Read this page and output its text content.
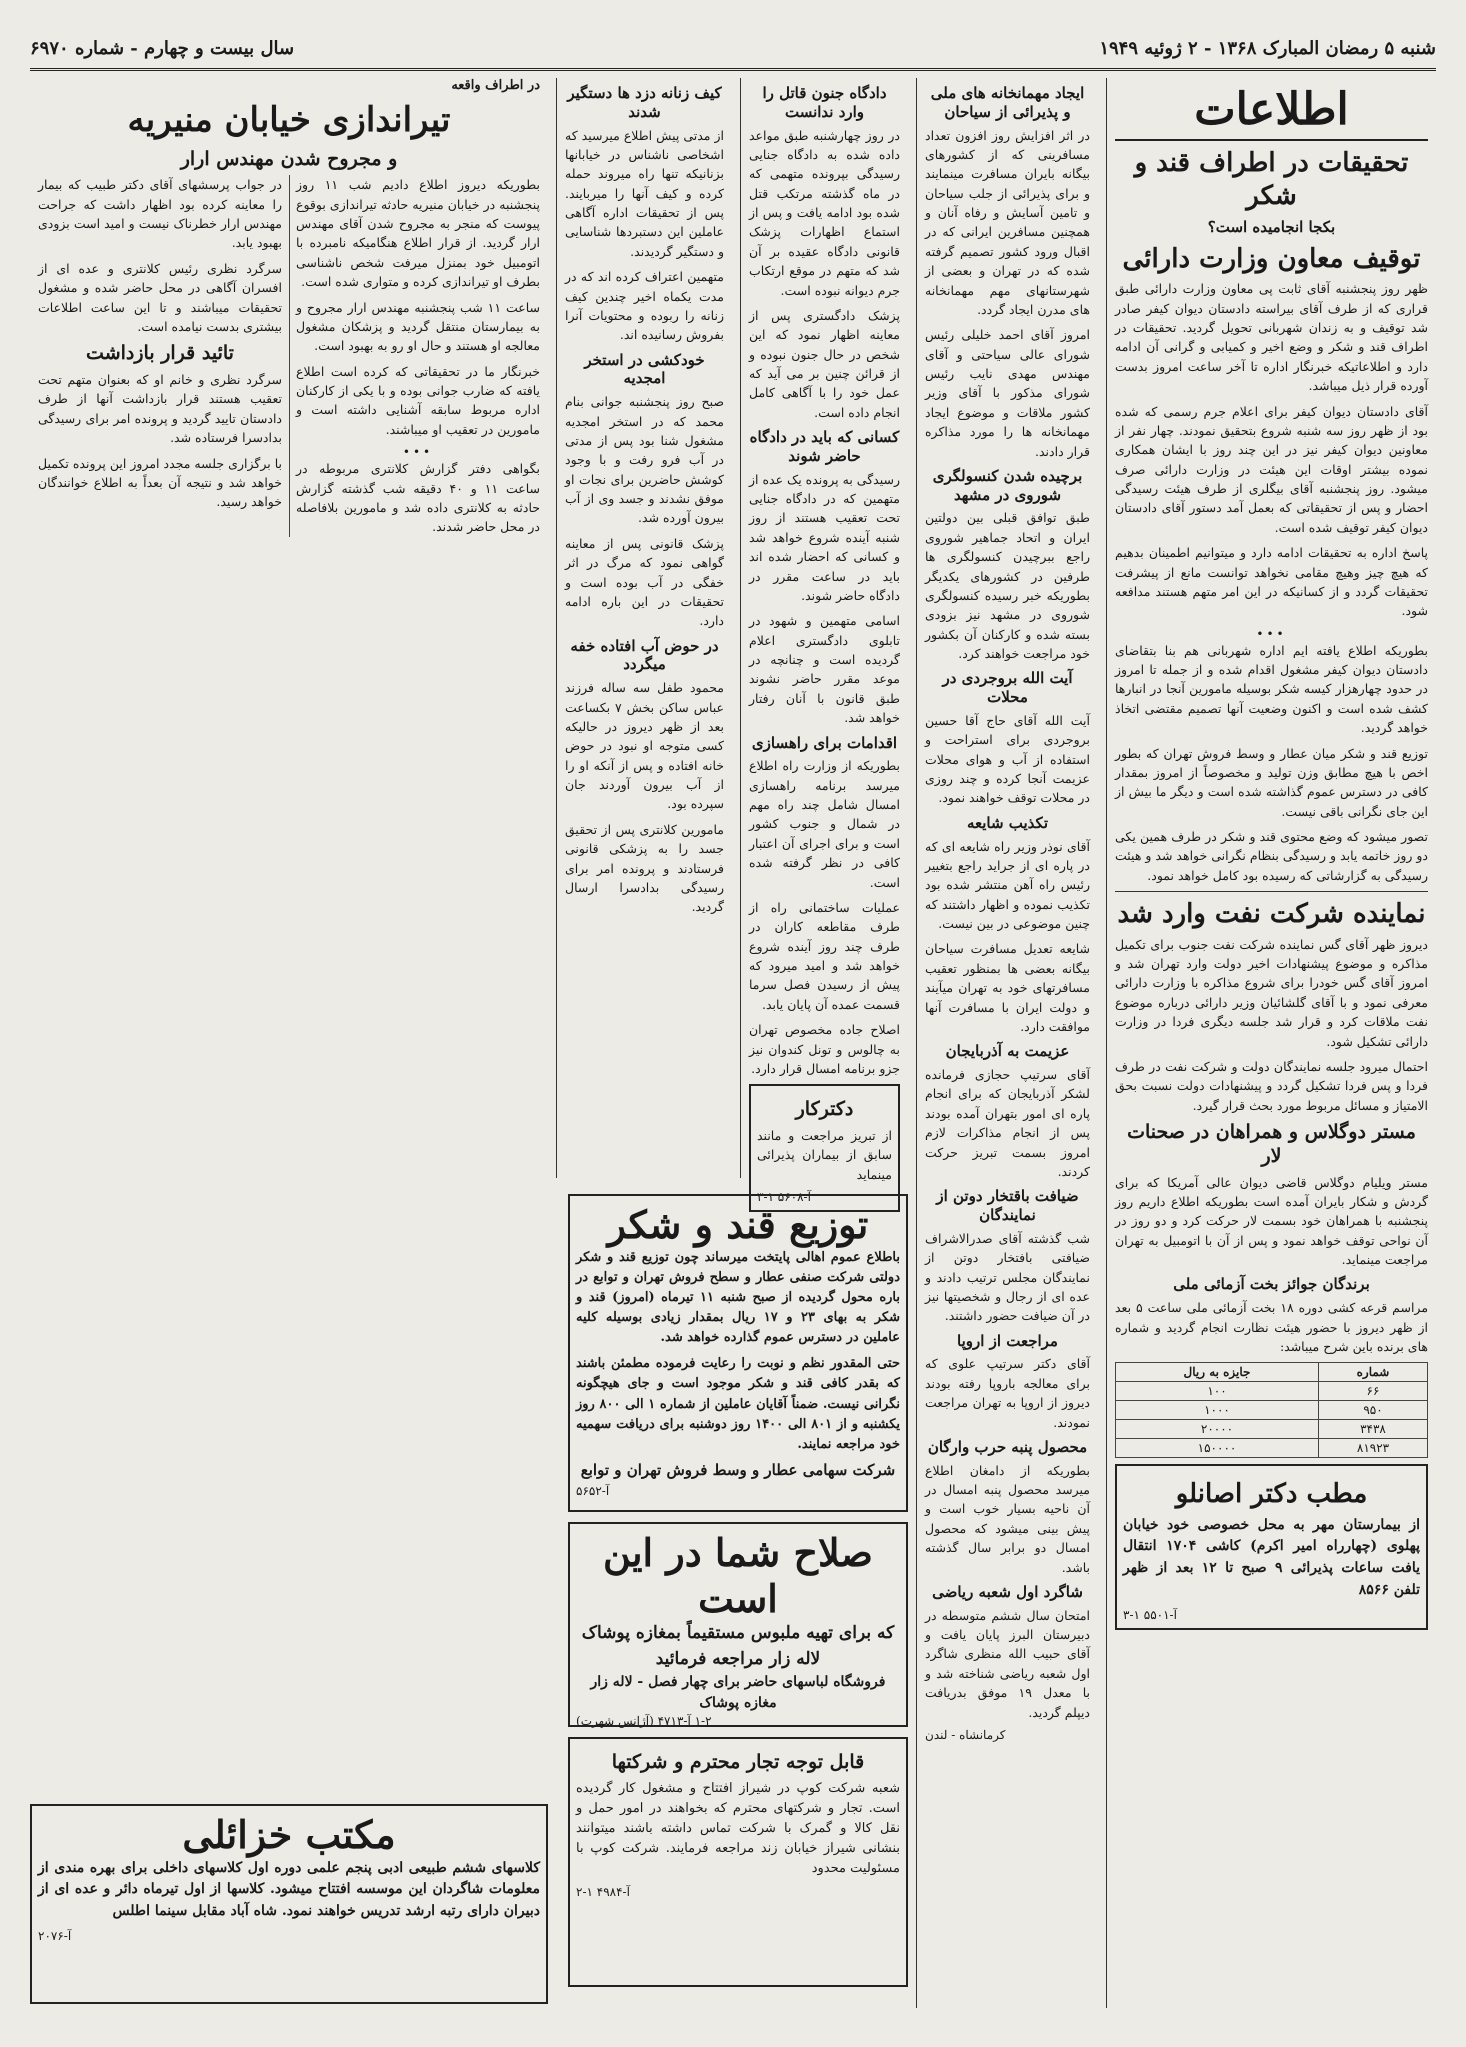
شنبه ۵ رمضان المبارک ۱۳۶۸ - ۲ ژوئیه ۱۹۴۹
سال بیست و چهارم - شماره ۶۹۷۰
اطلاعات
تحقیقات در اطراف قند و شکر
بکجا انجامیده است؟
توقیف معاون وزارت دارائی

ظهر روز پنجشنبه آقای ثابت پی معاون وزارت دارائی طبق قراری که از طرف آقای بیراسته دادستان دیوان کیفر صادر شد توقیف و به زندان شهربانی تحویل گردید. تحقیقات در اطراف قند و شکر و وضع اخیر و کمیابی و گرانی آن ادامه دارد و اطلاعاتیکه خبرنگار اداره تا آخر ساعت امروز بدست آورده قرار ذیل میباشد.

آقای دادستان دیوان کیفر برای اعلام جرم رسمی که شده بود از ظهر روز سه شنبه شروع بتحقیق نمودند. چهار نفر از معاونین دیوان کیفر نیز در این چند روز با ایشان همکاری نموده بیشتر اوقات این هیئت در وزارت دارائی صرف میشود. روز پنجشنبه آقای بیگلری از طرف هیئت رسیدگی احضار و پس از تحقیقاتی که بعمل آمد دستور آقای دادستان دیوان کیفر توقیف شده است.

پاسخ اداره به تحقیقات ادامه دارد و میتوانیم اطمینان بدهیم که هیچ چیز وهیچ مقامی نخواهد توانست مانع از پیشرفت تحقیقات گردد و از کسانیکه در این امر متهم هستند مدافعه شود.

•••

بطوریکه اطلاع یافته ایم اداره شهربانی هم بنا بتقاضای دادستان دیوان کیفر مشغول اقدام شده و از جمله تا امروز در حدود چهارهزار کیسه شکر بوسیله مامورین آنجا در انبارها کشف شده است و اکنون وضعیت آنها تصمیم مقتضی اتخاذ خواهد گردید.

توزیع قند و شکر میان عطار و وسط فروش تهران که بطور اخص با هیچ مطابق وزن تولید و مخصوصاً از امروز بمقدار کافی در دسترس عموم گذاشته شده است و دیگر ما بیش از این جای نگرانی باقی نیست.

تصور میشود که وضع محتوی قند و شکر در طرف همین یکی دو روز خاتمه یابد و رسیدگی بنظام نگرانی خواهد شد و هیئت رسیدگی به گزارشاتی که رسیده بود کامل خواهد نمود.

نماینده شرکت نفت وارد شد

دیروز ظهر آقای گس نماینده شرکت نفت جنوب برای تکمیل مذاکره و موضوع پیشنهادات اخیر دولت وارد تهران شد و امروز آقای گس خودرا برای شروع مذاکره با وزارت دارائی معرفی نمود و با آقای گلشائیان وزیر دارائی درباره موضوع نفت ملاقات کرد و قرار شد جلسه دیگری فردا در وزارت دارائی تشکیل شود.

احتمال میرود جلسه نمایندگان دولت و شرکت نفت در طرف فردا و پس فردا تشکیل گردد و پیشنهادات دولت نسبت بحق الامتیاز و مسائل مربوط مورد بحث قرار گیرد.

مستر دوگلاس و همراهان در صحنات لار

مستر ویلیام دوگلاس قاضی دیوان عالی آمریکا که برای گردش و شکار بایران آمده است بطوریکه اطلاع داریم روز پنجشنبه با همراهان خود بسمت لار حرکت کرد و دو روز در آن نواحی توقف خواهد نمود و پس از آن با اتومبیل به تهران مراجعت مینماید.

برندگان جوائز بخت آزمائی ملی

مراسم قرعه کشی دوره ۱۸ بخت آزمائی ملی ساعت ۵ بعد از ظهر دیروز با حضور هیئت نظارت انجام گردید و شماره های برنده باین شرح میباشد:

شماره	جایزه به ریال
۶۶	۱۰۰
۹۵۰	۱۰۰۰
۳۴۳۸	۲۰۰۰۰
۸۱۹۲۳	۱۵۰۰۰۰
مطب دکتر اصانلو

از بیمارستان مهر به محل خصوصی خود خیابان پهلوی (چهارراه امیر اکرم) کاشی ۱۷۰۴ انتقال یافت ساعات پذیرائی ۹ صبح تا ۱۲ بعد از ظهر تلفن ۸۵۶۶

۳-۱ آ-۵۵۰۱
ایجاد مهمانخانه های ملی و پذیرائی از سیاحان

در اثر افزایش روز افزون تعداد مسافرینی که از کشورهای بیگانه بایران مسافرت مینمایند و برای پذیرائی از جلب سیاحان و تامین آسایش و رفاه آنان و همچنین مسافرین ایرانی که در اقبال ورود کشور تصمیم گرفته شده که در تهران و بعضی از شهرستانهای مهم مهمانخانه های مدرن ایجاد گردد.

امروز آقای احمد خلیلی رئیس شورای عالی سیاحتی و آقای مهندس مهدی نایب رئیس شورای مذکور با آقای وزیر کشور ملاقات و موضوع ایجاد مهمانخانه ها را مورد مذاکره قرار دادند.

برچیده شدن کنسولگری شوروی در مشهد

طبق توافق قبلی بین دولتین ایران و اتحاد جماهیر شوروی راجع ببرچیدن کنسولگری ها طرفین در کشورهای یکدیگر بطوریکه خبر رسیده کنسولگری شوروی در مشهد نیز بزودی بسته شده و کارکنان آن بکشور خود مراجعت خواهند کرد.

آیت الله بروجردی در محلات

آیت الله آقای حاج آقا حسین بروجردی برای استراحت و استفاده از آب و هوای محلات عزیمت آنجا کرده و چند روزی در محلات توقف خواهند نمود.

تکذیب شایعه

آقای نوذر وزیر راه شایعه ای که در پاره ای از جراید راجع بتغییر رئیس راه آهن منتشر شده بود تکذیب نموده و اظهار داشتند که چنین موضوعی در بین نیست.

شایعه تعدیل مسافرت سیاحان بیگانه بعضی ها بمنظور تعقیب مسافرتهای خود به تهران میآیند و دولت ایران با مسافرت آنها موافقت دارد.

عزیمت به آذربایجان

آقای سرتیپ حجازی فرمانده لشکر آذربایجان که برای انجام پاره ای امور بتهران آمده بودند پس از انجام مذاکرات لازم امروز بسمت تبریز حرکت کردند.

ضیافت باقتخار دوتن از نمایندگان

شب گذشته آقای صدرالاشراف ضیافتی بافتخار دوتن از نمایندگان مجلس ترتیب دادند و عده ای از رجال و شخصیتها نیز در آن ضیافت حضور داشتند.

مراجعت از اروپا

آقای دکتر سرتیپ علوی که برای معالجه باروپا رفته بودند دیروز از اروپا به تهران مراجعت نمودند.

محصول پنبه حرب وارگان

بطوریکه از دامغان اطلاع میرسد محصول پنبه امسال در آن ناحیه بسیار خوب است و پیش بینی میشود که محصول امسال دو برابر سال گذشته باشد.

شاگرد اول شعبه ریاضی

امتحان سال ششم متوسطه در دبیرستان البرز پایان یافت و آقای حبیب الله منظری شاگرد اول شعبه ریاضی شناخته شد و با معدل ۱۹ موفق بدریافت دیپلم گردید.

کرمانشاه - لندن
دادگاه جنون قاتل را وارد ندانست

در روز چهارشنبه طبق مواعد داده شده به دادگاه جنایی رسیدگی بپرونده متهمی که در ماه گذشته مرتکب قتل شده بود ادامه یافت و پس از استماع اظهارات پزشک قانونی دادگاه عقیده بر آن شد که متهم در موقع ارتکاب جرم دیوانه نبوده است.

پزشک دادگستری پس از معاینه اظهار نمود که این شخص در حال جنون نبوده و از قرائن چنین بر می آید که عمل خود را با آگاهی کامل انجام داده است.

کسانی که باید در دادگاه حاضر شوند

رسیدگی به پرونده یک عده از متهمین که در دادگاه جنایی تحت تعقیب هستند از روز شنبه آینده شروع خواهد شد و کسانی که احضار شده اند باید در ساعت مقرر در دادگاه حاضر شوند.

اسامی متهمین و شهود در تابلوی دادگستری اعلام گردیده است و چنانچه در موعد مقرر حاضر نشوند طبق قانون با آنان رفتار خواهد شد.

اقدامات برای راهسازی

بطوریکه از وزارت راه اطلاع میرسد برنامه راهسازی امسال شامل چند راه مهم در شمال و جنوب کشور است و برای اجرای آن اعتبار کافی در نظر گرفته شده است.

عملیات ساختمانی راه از طرف مقاطعه کاران در طرف چند روز آینده شروع خواهد شد و امید میرود که پیش از رسیدن فصل سرما قسمت عمده آن پایان یابد.

اصلاح جاده مخصوص تهران به چالوس و تونل کندوان نیز جزو برنامه امسال قرار دارد.

دکترکار

از تبریز مراجعت و مانند سابق از بیماران پذیرائی مینماید

۳-۱ آ-۵۶۰۸
کیف زنانه دزد ها دستگیر شدند

از مدتی پیش اطلاع میرسید که اشخاصی ناشناس در خیابانها بزنانیکه تنها راه میروند حمله کرده و کیف آنها را میربایند. پس از تحقیقات اداره آگاهی عاملین این دستبردها شناسایی و دستگیر گردیدند.

متهمین اعتراف کرده اند که در مدت یکماه اخیر چندین کیف زنانه را ربوده و محتویات آنرا بفروش رسانیده اند.

خودکشی در استخر امجدیه

صبح روز پنجشنبه جوانی بنام محمد که در استخر امجدیه مشغول شنا بود پس از مدتی در آب فرو رفت و با وجود کوشش حاضرین برای نجات او موفق نشدند و جسد وی از آب بیرون آورده شد.

پزشک قانونی پس از معاینه گواهی نمود که مرگ در اثر خفگی در آب بوده است و تحقیقات در این باره ادامه دارد.

در حوض آب افتاده خفه میگردد

محمود طفل سه ساله فرزند عباس ساکن بخش ۷ بکساعت بعد از ظهر دیروز در حالیکه کسی متوجه او نبود در حوض خانه افتاده و پس از آنکه او را از آب بیرون آوردند جان سپرده بود.

مامورین کلانتری پس از تحقیق جسد را به پزشکی قانونی فرستادند و پرونده امر برای رسیدگی بدادسرا ارسال گردید.

توزیع قند و شکر

باطلاع عموم اهالی پایتخت میرساند چون توزیع قند و شکر دولتی شرکت صنفی عطار و سطح فروش تهران و توابع در باره محول گردیده از صبح شنبه ۱۱ تیرماه (امروز) قند و شکر به بهای ۲۳ و ۱۷ ریال بمقدار زیادی بوسیله کلیه عاملین در دسترس عموم گذارده خواهد شد.

حتی المقدور نظم و نوبت را رعایت فرموده مطمئن باشند که بقدر کافی قند و شکر موجود است و جای هیچگونه نگرانی نیست. ضمناً آقایان عاملین از شماره ۱ الی ۸۰۰ روز یکشنبه و از ۸۰۱ الی ۱۴۰۰ روز دوشنبه برای دریافت سهمیه خود مراجعه نمایند.

شرکت سهامی عطار و وسط فروش تهران و توابع
آ-۵۶۵۲
صلاح شما در این است
که برای تهیه ملبوس مستقیماً بمغازه پوشاک
لاله زار مراجعه فرمائید
فروشگاه لباسهای حاضر برای چهار فصل - لاله زار مغازه پوشاک
(آژانس شهرت) ۲-۱ آ-۴۷۱۳
قابل توجه تجار محترم و شرکتها

شعبه شرکت کوپ در شیراز افتتاح و مشغول کار گردیده است. تجار و شرکتهای محترم که بخواهند در امور حمل و نقل کالا و گمرک با شرکت تماس داشته باشند میتوانند بنشانی شیراز خیابان زند مراجعه فرمایند. شرکت کوپ با مسئولیت محدود

۲-۱ آ-۴۹۸۴
در اطراف واقعه
تیراندازی خیابان منیریه
و مجروح شدن مهندس ارار

بطوریکه دیروز اطلاع دادیم شب ۱۱ روز پنجشنبه در خیابان منیریه حادثه تیراندازی بوقوع پیوست که منجر به مجروح شدن آقای مهندس ارار گردید. از قرار اطلاع هنگامیکه نامبرده با اتومبیل خود بمنزل میرفت شخص ناشناسی بطرف او تیراندازی کرده و متواری شده است.

ساعت ۱۱ شب پنجشنبه مهندس ارار مجروح و به بیمارستان منتقل گردید و پزشکان مشغول معالجه او هستند و حال او رو به بهبود است.

خبرنگار ما در تحقیقاتی که کرده است اطلاع یافته که ضارب جوانی بوده و با یکی از کارکنان اداره مربوط سابقه آشنایی داشته است و مامورین در تعقیب او میباشند.

•••

بگواهی دفتر گزارش کلانتری مربوطه در ساعت ۱۱ و ۴۰ دقیقه شب گذشته گزارش حادثه به کلانتری داده شد و مامورین بلافاصله در محل حاضر شدند.

در جواب پرسشهای آقای دکتر طبیب که بیمار را معاینه کرده بود اظهار داشت که جراحت مهندس ارار خطرناک نیست و امید است بزودی بهبود یابد.

سرگرد نظری رئیس کلانتری و عده ای از افسران آگاهی در محل حاضر شده و مشغول تحقیقات میباشند و تا این ساعت اطلاعات بیشتری بدست نیامده است.

تائید قرار بازداشت

سرگرد نظری و خانم او که بعنوان متهم تحت تعقیب هستند قرار بازداشت آنها از طرف دادستان تایید گردید و پرونده امر برای رسیدگی بدادسرا فرستاده شد.

با برگزاری جلسه مجدد امروز این پرونده تکمیل خواهد شد و نتیجه آن بعداً به اطلاع خوانندگان خواهد رسید.

مکتب خزائلی

کلاسهای ششم طبیعی ادبی پنجم علمی دوره اول کلاسهای داخلی برای بهره مندی از معلومات شاگردان این موسسه افتتاح میشود. کلاسها از اول تیرماه دائر و عده ای از دبیران دارای رتبه ارشد تدریس خواهند نمود. شاه آباد مقابل سینما اطلس

آ-۲۰۷۶
